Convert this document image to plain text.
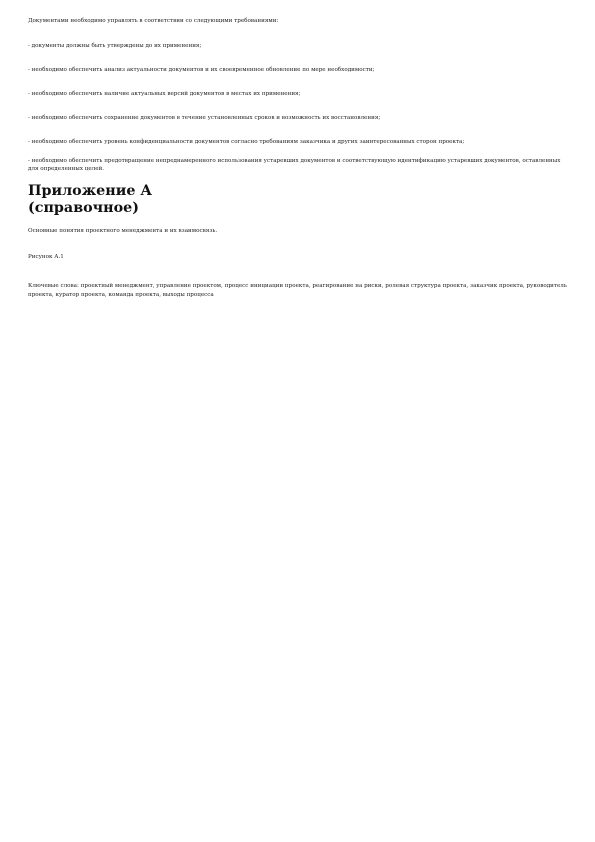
Документами необходимо управлять в соответствии со следующими требованиями:

- документы должны быть утверждены до их применения;

- необходимо обеспечить анализ актуальности документов и их своевременное обновление по мере необходимости;

- необходимо обеспечить наличие актуальных версий документов в местах их применения;

- необходимо обеспечить сохранение документов в течение установленных сроков и возможность их восстановления;

- необходимо обеспечить уровень конфиденциальности документов согласно требованиям заказчика и других заинтересованных сторон проекта;

- необходимо обеспечить предотвращение непреднамеренного использования устаревших документов и соответствующую идентификацию устаревших документов, оставленных для определенных целей.

Приложение А
(справочное)

Основные понятия проектного менеджмента и их взаимосвязь.

Рисунок А.1

Ключевые слова: проектный менеджмент, управление проектом, процесс инициации проекта, реагирование на риски, ролевая структура проекта, заказчик проекта, руководитель проекта, куратор проекта, команда проекта, выходы процесса
